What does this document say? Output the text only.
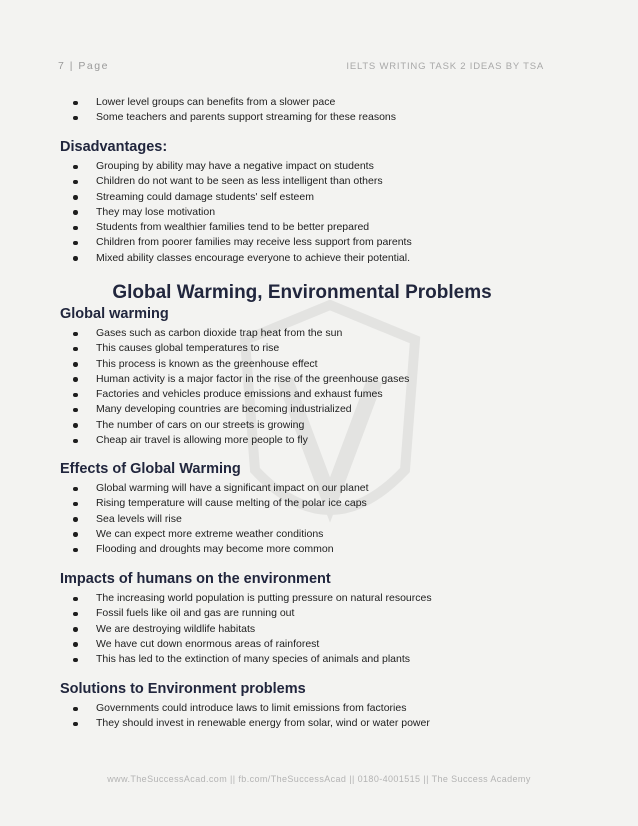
7 | Page	IELTS WRITING TASK 2 IDEAS BY TSA
Lower level groups can benefits from a slower pace
Some teachers and parents support streaming for these reasons
Disadvantages:
Grouping by ability may have a negative impact on students
Children do not want to be seen as less intelligent than others
Streaming could damage students' self esteem
They may lose motivation
Students from wealthier families tend to be better prepared
Children from poorer families may receive less support from parents
Mixed ability classes encourage everyone to achieve their potential.
Global Warming, Environmental Problems
Global warming
Gases such as carbon dioxide trap heat from the sun
This causes global temperatures to rise
This process is known as the greenhouse effect
Human activity is a major factor in the rise of the greenhouse gases
Factories and vehicles produce emissions and exhaust fumes
Many developing countries are becoming industrialized
The number of cars on our streets is growing
Cheap air travel is allowing more people to fly
Effects of Global Warming
Global warming will have a significant impact on our planet
Rising temperature will cause melting of the polar ice caps
Sea levels will rise
We can expect more extreme weather conditions
Flooding and droughts may become more common
Impacts of humans on the environment
The increasing world population is putting pressure on natural resources
Fossil fuels like oil and gas are running out
We are destroying wildlife habitats
We have cut down enormous areas of rainforest
This has led to the extinction of many species of animals and plants
Solutions to Environment problems
Governments could introduce laws to limit emissions from factories
They should invest in renewable energy from solar, wind or water power
www.TheSuccessAcad.com || fb.com/TheSuccessAcad || 0180-4001515 || The Success Academy
